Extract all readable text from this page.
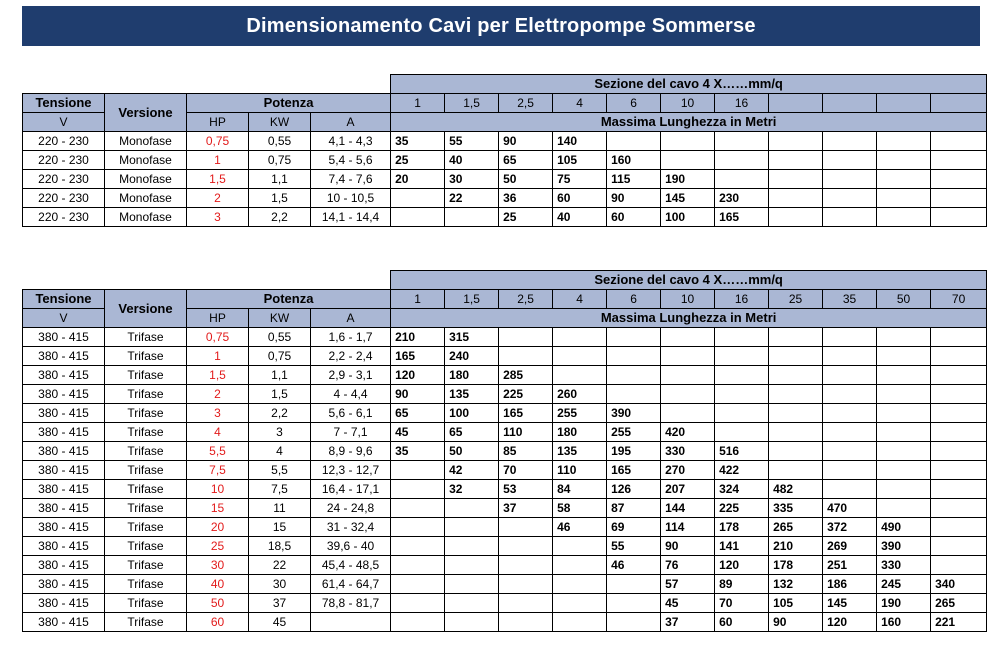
Dimensionamento Cavi per Elettropompe Sommerse
					Sezione del cavo 4 X……mm/q										
Tensione	Versione	Potenza			1	1,5	2,5	4	6	10	16				
V		HP	KW	A	Massima Lunghezza in Metri										
220 - 230	Monofase	0,75	0,55	4,1 - 4,3	35	55	90	140							
220 - 230	Monofase	1	0,75	5,4 - 5,6	25	40	65	105	160						
220 - 230	Monofase	1,5	1,1	7,4 - 7,6	20	30	50	75	115	190					
220 - 230	Monofase	2	1,5	10 - 10,5		22	36	60	90	145	230				
220 - 230	Monofase	3	2,2	14,1 - 14,4			25	40	60	100	165				
					Sezione del cavo 4 X……mm/q										
Tensione	Versione	Potenza			1	1,5	2,5	4	6	10	16	25	35	50	70
V		HP	KW	A	Massima Lunghezza in Metri										
380 - 415	Trifase	0,75	0,55	1,6 - 1,7	210	315									
380 - 415	Trifase	1	0,75	2,2 - 2,4	165	240									
380 - 415	Trifase	1,5	1,1	2,9 - 3,1	120	180	285								
380 - 415	Trifase	2	1,5	4 - 4,4	90	135	225	260							
380 - 415	Trifase	3	2,2	5,6 - 6,1	65	100	165	255	390						
380 - 415	Trifase	4	3	7 - 7,1	45	65	110	180	255	420					
380 - 415	Trifase	5,5	4	8,9 - 9,6	35	50	85	135	195	330	516				
380 - 415	Trifase	7,5	5,5	12,3 - 12,7		42	70	110	165	270	422				
380 - 415	Trifase	10	7,5	16,4 - 17,1		32	53	84	126	207	324	482			
380 - 415	Trifase	15	11	24 - 24,8			37	58	87	144	225	335	470		
380 - 415	Trifase	20	15	31 - 32,4				46	69	114	178	265	372	490	
380 - 415	Trifase	25	18,5	39,6 - 40					55	90	141	210	269	390	
380 - 415	Trifase	30	22	45,4 - 48,5					46	76	120	178	251	330	
380 - 415	Trifase	40	30	61,4 - 64,7						57	89	132	186	245	340
380 - 415	Trifase	50	37	78,8 - 81,7						45	70	105	145	190	265
380 - 415	Trifase	60	45							37	60	90	120	160	221
